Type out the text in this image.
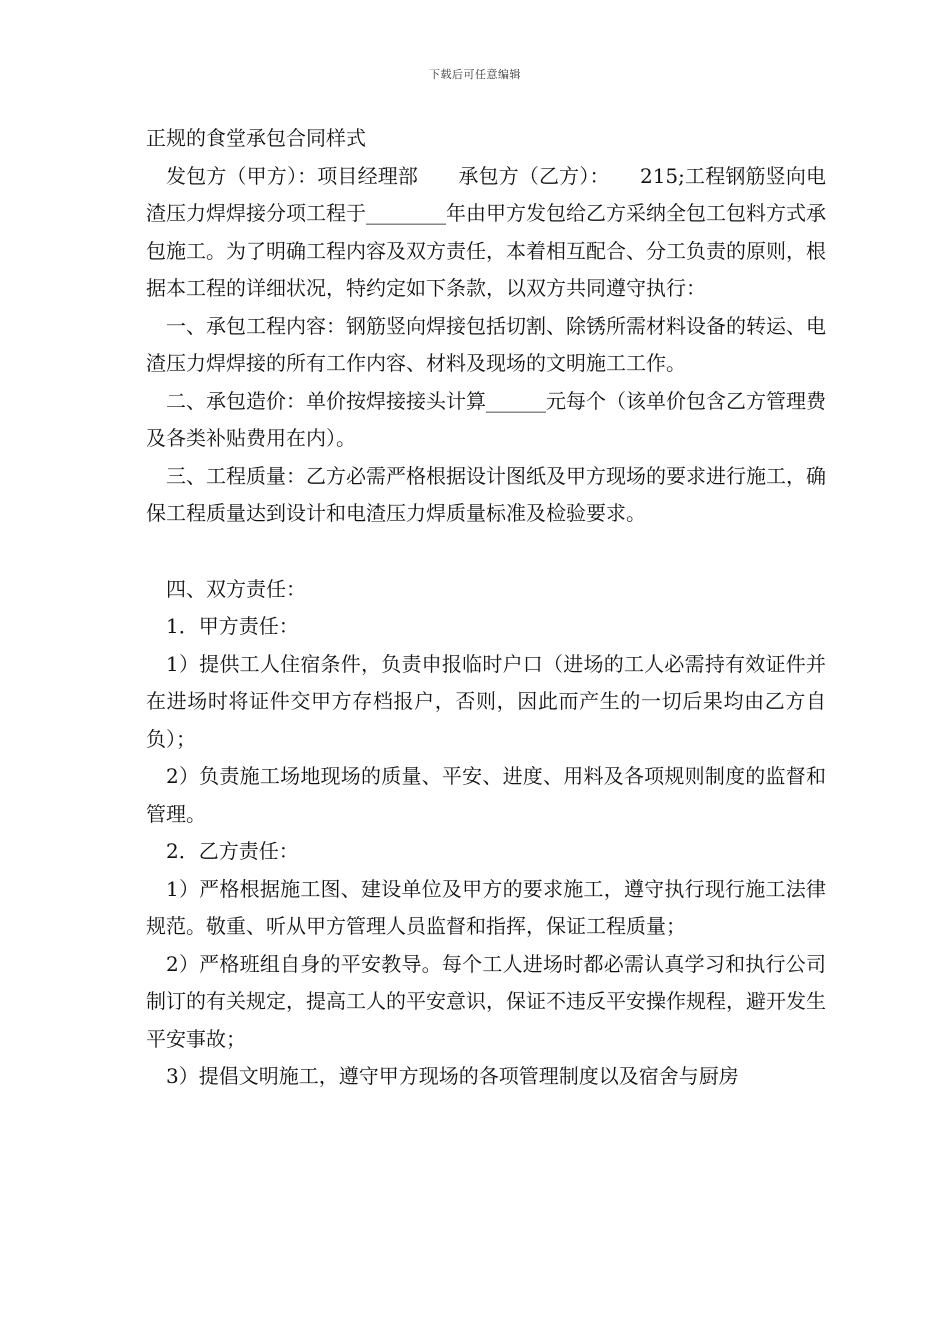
下载后可任意编辑

正规的食堂承包合同样式

发包方（甲方）：项目经理部　　承包方（乙方）：　　215;工程钢筋竖向电渣压力焊焊接分项工程于________年由甲方发包给乙方采纳全包工包料方式承包施工。为了明确工程内容及双方责任，本着相互配合、分工负责的原则，根据本工程的详细状况，特约定如下条款，以双方共同遵守执行：

一、承包工程内容：钢筋竖向焊接包括切割、除锈所需材料设备的转运、电渣压力焊焊接的所有工作内容、材料及现场的文明施工工作。

二、承包造价：单价按焊接接头计算______元每个（该单价包含乙方管理费及各类补贴费用在内）。

三、工程质量：乙方必需严格根据设计图纸及甲方现场的要求进行施工，确保工程质量达到设计和电渣压力焊质量标准及检验要求。

四、双方责任：

1．甲方责任：

1）提供工人住宿条件，负责申报临时户口（进场的工人必需持有效证件并在进场时将证件交甲方存档报户，否则，因此而产生的一切后果均由乙方自负）；

2）负责施工场地现场的质量、平安、进度、用料及各项规则制度的监督和管理。

2．乙方责任：

1）严格根据施工图、建设单位及甲方的要求施工，遵守执行现行施工法律规范。敬重、听从甲方管理人员监督和指挥，保证工程质量；

2）严格班组自身的平安教导。每个工人进场时都必需认真学习和执行公司制订的有关规定，提高工人的平安意识，保证不违反平安操作规程，避开发生平安事故；

3）提倡文明施工，遵守甲方现场的各项管理制度以及宿舍与厨房
